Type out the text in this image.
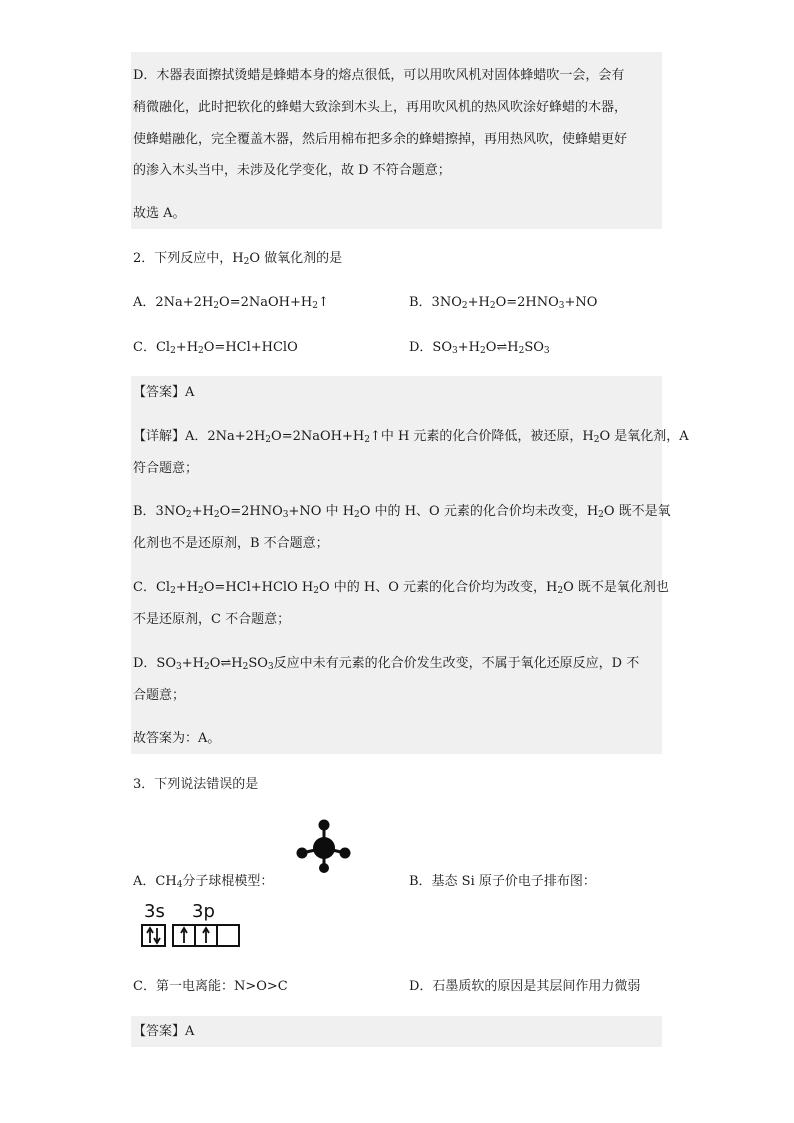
D．木器表面擦拭烫蜡是蜂蜡本身的熔点很低，可以用吹风机对固体蜂蜡吹一会，会有
稍微融化，此时把软化的蜂蜡大致涂到木头上，再用吹风机的热风吹涂好蜂蜡的木器，
使蜂蜡融化，完全覆盖木器，然后用棉布把多余的蜂蜡擦掉，再用热风吹，使蜂蜡更好
的渗入木头当中，未涉及化学变化，故 D 不符合题意；
故选 A。
2．下列反应中，$H_2O$ 做氧化剂的是
A．$2Na+2H_2O=2NaOH+H_2↑$	B．$3NO_2+H_2O=2HNO_3+NO$
C．$Cl_2+H_2O=HCl+HClO$	D．$SO_3+H_2O\rightleftharpoons H_2SO_3$
【答案】A
【详解】A．$2Na+2H_2O=2NaOH+H_2↑$中 H 元素的化合价降低，被还原，$H_2O$ 是氧化剂，A
符合题意；
B．$3NO_2+H_2O=2HNO_3+NO$ 中 $H_2O$ 中的 H、O 元素的化合价均未改变，$H_2O$ 既不是氧
化剂也不是还原剂，B 不合题意；
C．$Cl_2+H_2O=HCl+HClO$ $H_2O$ 中的 H、O 元素的化合价均为改变，$H_2O$ 既不是氧化剂也
不是还原剂，C 不合题意；
D．$SO_3+H_2O\rightleftharpoons H_2SO_3$反应中未有元素的化合价发生改变，不属于氧化还原反应，D 不
合题意；
故答案为：A。
3．下列说法错误的是
A．$CH_4$分子球棍模型：	B．基态 Si 原子价电子排布图：
3s 3p
C．第一电离能：N>O>C	D．石墨质软的原因是其层间作用力微弱
【答案】A
